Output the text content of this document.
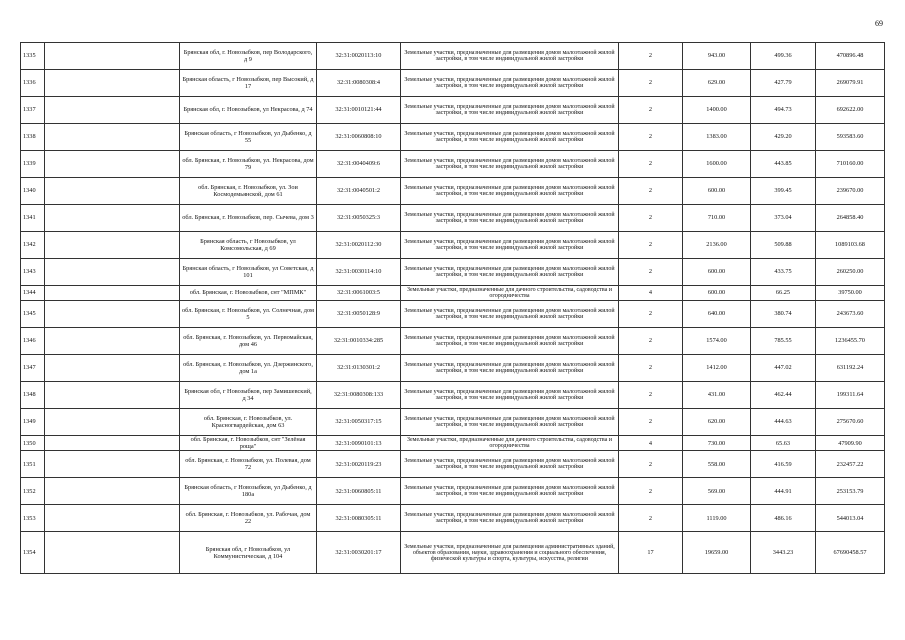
69
1335		Брянская обл, г. Новозыбков, пер Володарского, д 9	32:31:0020113:10	Земельные участки, предназначенные для размещения домов малоэтажной жилой застройки, в том числе индивидуальной жилой застройки	2	943.00	499.36	470896.48
1336		Брянская область, г Новозыбков, пер Высокий, д 17	32:31:0080308:4	Земельные участки, предназначенные для размещения домов малоэтажной жилой застройки, в том числе индивидуальной жилой застройки	2	629.00	427.79	269079.91
1337		Брянская обл, г. Новозыбков, ул Некрасова, д 74	32:31:0010121:44	Земельные участки, предназначенные для размещения домов малоэтажной жилой застройки, в том числе индивидуальной жилой застройки	2	1400.00	494.73	692622.00
1338		Брянская область, г Новозыбков, ул Дыбенко, д 55	32:31:0060808:10	Земельные участки, предназначенные для размещения домов малоэтажной жилой застройки, в том числе индивидуальной жилой застройки	2	1383.00	429.20	593583.60
1339		обл. Брянская, г. Новозыбков, ул. Некрасова, дом 79	32:31:0040409:6	Земельные участки, предназначенные для размещения домов малоэтажной жилой застройки, в том числе индивидуальной жилой застройки	2	1600.00	443.85	710160.00
1340		обл. Брянская, г. Новозыбков, ул. Зои Космодемьянской, дом 61	32:31:0040501:2	Земельные участки, предназначенные для размещения домов малоэтажной жилой застройки, в том числе индивидуальной жилой застройки	2	600.00	399.45	239670.00
1341		обл. Брянская, г. Новозыбков, пер. Сычева, дом 3	32:31:0050325:3	Земельные участки, предназначенные для размещения домов малоэтажной жилой застройки, в том числе индивидуальной жилой застройки	2	710.00	373.04	264858.40
1342		Брянская область, г Новозыбков, ул Комсомольская, д 69	32:31:0020112:30	Земельные участки, предназначенные для размещения домов малоэтажной жилой застройки, в том числе индивидуальной жилой застройки	2	2136.00	509.88	1089103.68
1343		Брянская область, г Новозыбков, ул Советская, д 101	32:31:0030114:10	Земельные участки, предназначенные для размещения домов малоэтажной жилой застройки, в том числе индивидуальной жилой застройки	2	600.00	433.75	260250.00
1344		обл. Брянская, г. Новозыбков, снт "МПМК"	32:31:0061003:5	Земельные участки, предназначенные для дачного строительства, садоводства и огородничества	4	600.00	66.25	39750.00
1345		обл. Брянская, г. Новозыбков, ул. Солнечная, дом 5	32:31:0050128:9	Земельные участки, предназначенные для размещения домов малоэтажной жилой застройки, в том числе индивидуальной жилой застройки	2	640.00	380.74	243673.60
1346		обл. Брянская, г. Новозыбков, ул. Первомайская, дом 46	32:31:0010334:285	Земельные участки, предназначенные для размещения домов малоэтажной жилой застройки, в том числе индивидуальной жилой застройки	2	1574.00	785.55	1236455.70
1347		обл. Брянская, г. Новозыбков, ул. Дзержинского, дом 1а	32:31:0130301:2	Земельные участки, предназначенные для размещения домов малоэтажной жилой застройки, в том числе индивидуальной жилой застройки	2	1412.00	447.02	631192.24
1348		Брянская обл, г Новозыбков, пер Замишевский, д 34	32:31:0080308:133	Земельные участки, предназначенные для размещения домов малоэтажной жилой застройки, в том числе индивидуальной жилой застройки	2	431.00	462.44	199311.64
1349		обл. Брянская, г. Новозыбков, ул. Красногвардейская, дом 63	32:31:0050317:15	Земельные участки, предназначенные для размещения домов малоэтажной жилой застройки, в том числе индивидуальной жилой застройки	2	620.00	444.63	275670.60
1350		обл. Брянская, г. Новозыбков, снт "Зелёная роща"	32:31:0090101:13	Земельные участки, предназначенные для дачного строительства, садоводства и огородничества	4	730.00	65.63	47909.90
1351		обл. Брянская, г. Новозыбков, ул. Полевая, дом 72	32:31:0020119:23	Земельные участки, предназначенные для размещения домов малоэтажной жилой застройки, в том числе индивидуальной жилой застройки	2	558.00	416.59	232457.22
1352		Брянская область, г Новозыбков, ул Дыбенко, д 180а	32:31:0060805:11	Земельные участки, предназначенные для размещения домов малоэтажной жилой застройки, в том числе индивидуальной жилой застройки	2	569.00	444.91	253153.79
1353		обл. Брянская, г. Новозыбков, ул. Рабочая, дом 22	32:31:0080305:11	Земельные участки, предназначенные для размещения домов малоэтажной жилой застройки, в том числе индивидуальной жилой застройки	2	1119.00	486.16	544013.04
1354		Брянская обл, г Новозыбков, ул Коммунистическая, д 104	32:31:0030201:17	Земельные участки, предназначенные для размещения административных зданий, объектов образования, науки, здравоохранения и социального обеспечения, физической культуры и спорта, культуры, искусства, религии	17	19659.00	3443.23	67690458.57
